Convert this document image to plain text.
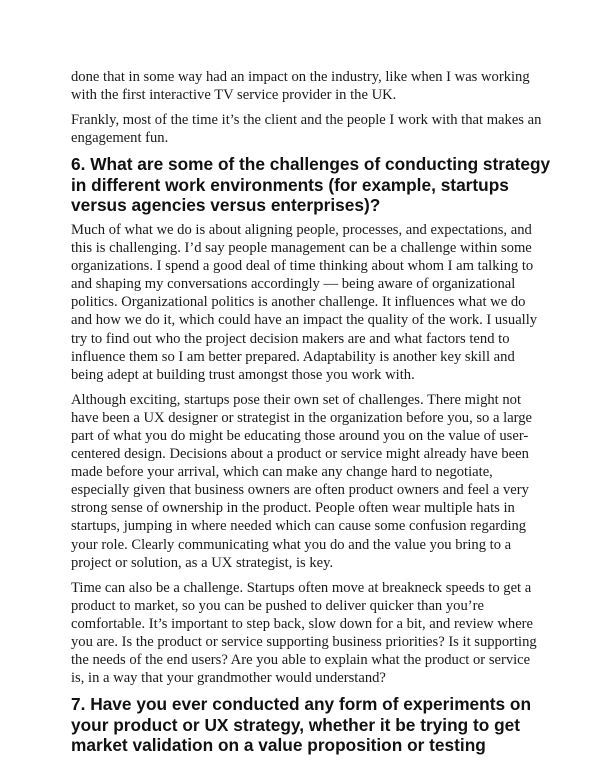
done that in some way had an impact on the industry, like when I was working
with the first interactive TV service provider in the UK.

Frankly, most of the time it’s the client and the people I work with that makes an
engagement fun.

6. What are some of the challenges of conducting strategy
in different work environments (for example, startups
versus agencies versus enterprises)?

Much of what we do is about aligning people, processes, and expectations, and
this is challenging. I’d say people management can be a challenge within some
organizations. I spend a good deal of time thinking about whom I am talking to
and shaping my conversations accordingly — being aware of organizational
politics. Organizational politics is another challenge. It influences what we do
and how we do it, which could have an impact the quality of the work. I usually
try to find out who the project decision makers are and what factors tend to
influence them so I am better prepared. Adaptability is another key skill and
being adept at building trust amongst those you work with.

Although exciting, startups pose their own set of challenges. There might not
have been a UX designer or strategist in the organization before you, so a large
part of what you do might be educating those around you on the value of user-
centered design. Decisions about a product or service might already have been
made before your arrival, which can make any change hard to negotiate,
especially given that business owners are often product owners and feel a very
strong sense of ownership in the product. People often wear multiple hats in
startups, jumping in where needed which can cause some confusion regarding
your role. Clearly communicating what you do and the value you bring to a
project or solution, as a UX strategist, is key.

Time can also be a challenge. Startups often move at breakneck speeds to get a
product to market, so you can be pushed to deliver quicker than you’re
comfortable. It’s important to step back, slow down for a bit, and review where
you are. Is the product or service supporting business priorities? Is it supporting
the needs of the end users? Are you able to explain what the product or service
is, in a way that your grandmother would understand?

7. Have you ever conducted any form of experiments on
your product or UX strategy, whether it be trying to get
market validation on a value proposition or testing
